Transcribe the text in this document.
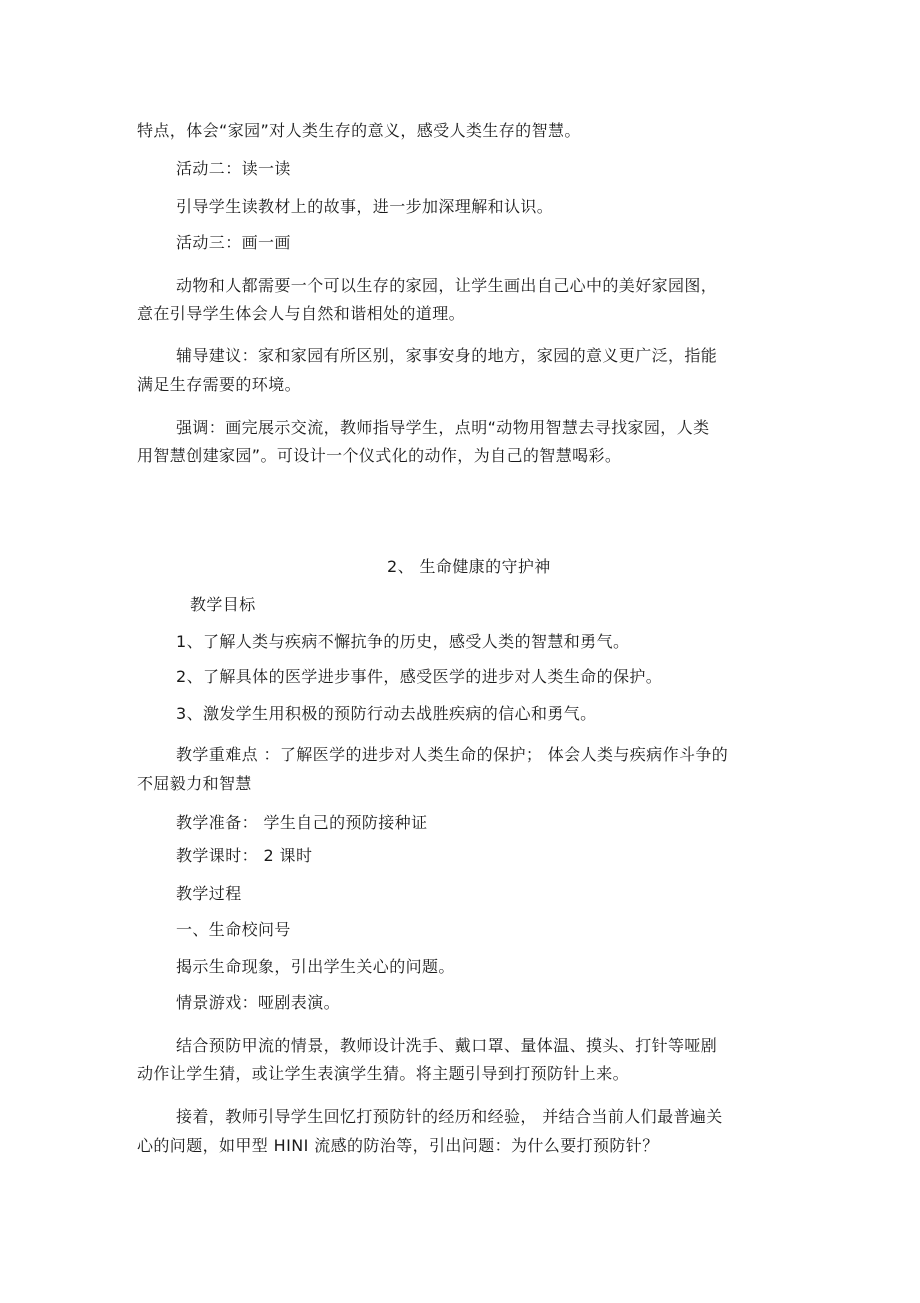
特点，体会“家园”对人类生存的意义，感受人类生存的智慧。
活动二：读一读
引导学生读教材上的故事，进一步加深理解和认识。
活动三：画一画
动物和人都需要一个可以生存的家园，让学生画出自己心中的美好家园图，
意在引导学生体会人与自然和谐相处的道理。
辅导建议：家和家园有所区别，家事安身的地方，家园的意义更广泛，指能
满足生存需要的环境。
强调：画完展示交流，教师指导学生，点明“动物用智慧去寻找家园，人类
用智慧创建家园”。可设计一个仪式化的动作，为自己的智慧喝彩。
2、 生命健康的守护神
教学目标
1、了解人类与疾病不懈抗争的历史，感受人类的智慧和勇气。
2、了解具体的医学进步事件，感受医学的进步对人类生命的保护。
3、激发学生用积极的预防行动去战胜疾病的信心和勇气。
教学重难点 ：了解医学的进步对人类生命的保护； 体会人类与疾病作斗争的
不屈毅力和智慧
教学准备： 学生自己的预防接种证
教学课时： 2 课时
教学过程
一、生命校问号
揭示生命现象，引出学生关心的问题。
情景游戏：哑剧表演。
结合预防甲流的情景，教师设计洗手、戴口罩、量体温、摸头、打针等哑剧
动作让学生猜，或让学生表演学生猜。将主题引导到打预防针上来。
接着，教师引导学生回忆打预防针的经历和经验， 并结合当前人们最普遍关
心的问题，如甲型 HINI 流感的防治等，引出问题：为什么要打预防针？
